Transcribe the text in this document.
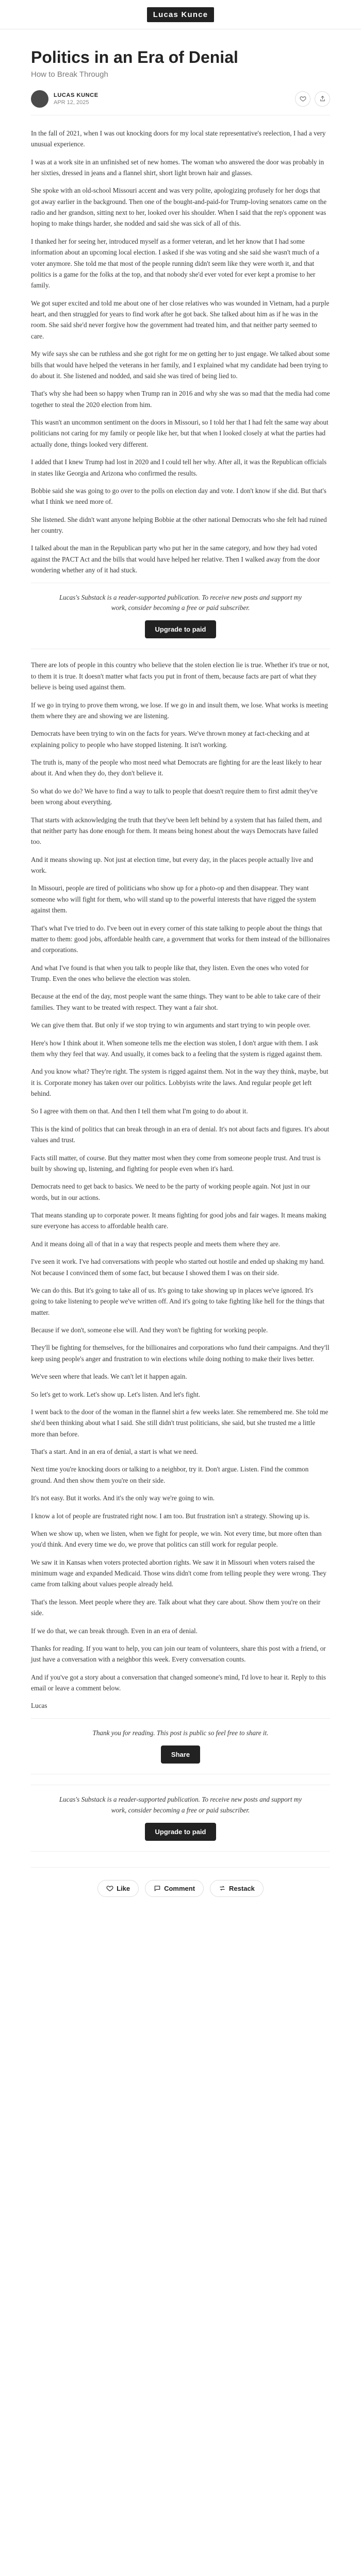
Lucas Kunce
Politics in an Era of Denial
How to Break Through
LUCAS KUNCE
APR 12, 2025

In the fall of 2021, when I was out knocking doors for my local state representative's reelection, I had a very unusual experience.

I was at a work site in an unfinished set of new homes. The woman who answered the door was probably in her sixties, dressed in jeans and a flannel shirt, short light brown hair and glasses.

She spoke with an old-school Missouri accent and was very polite, apologizing profusely for her dogs that got away earlier in the background. Then one of the bought-and-paid-for Trump-loving senators came on the radio and her grandson, sitting next to her, looked over his shoulder. When I said that the rep's opponent was hoping to make things harder, she nodded and said she was sick of all of this.

I thanked her for seeing her, introduced myself as a former veteran, and let her know that I had some information about an upcoming local election. I asked if she was voting and she said she wasn't much of a voter anymore. She told me that most of the people running didn't seem like they were worth it, and that politics is a game for the folks at the top, and that nobody she'd ever voted for ever kept a promise to her family.

We got super excited and told me about one of her close relatives who was wounded in Vietnam, had a purple heart, and then struggled for years to find work after he got back. She talked about him as if he was in the room. She said she'd never forgive how the government had treated him, and that neither party seemed to care.

My wife says she can be ruthless and she got right for me on getting her to just engage. We talked about some bills that would have helped the veterans in her family, and I explained what my candidate had been trying to do about it. She listened and nodded, and said she was tired of being lied to.

That's why she had been so happy when Trump ran in 2016 and why she was so mad that the media had come together to steal the 2020 election from him.

This wasn't an uncommon sentiment on the doors in Missouri, so I told her that I had felt the same way about politicians not caring for my family or people like her, but that when I looked closely at what the parties had actually done, things looked very different.

I added that I knew Trump had lost in 2020 and I could tell her why. After all, it was the Republican officials in states like Georgia and Arizona who confirmed the results.

Bobbie said she was going to go over to the polls on election day and vote. I don't know if she did. But that's what I think we need more of.

She listened. She didn't want anyone helping Bobbie at the other national Democrats who she felt had ruined her country.

I talked about the man in the Republican party who put her in the same category, and how they had voted against the PACT Act and the bills that would have helped her relative. Then I walked away from the door wondering whether any of it had stuck.

Lucas's Substack is a reader-supported publication. To receive new posts and support my work, consider becoming a free or paid subscriber.

Upgrade to paid

There are lots of people in this country who believe that the stolen election lie is true. Whether it's true or not, to them it is true. It doesn't matter what facts you put in front of them, because facts are part of what they believe is being used against them.

If we go in trying to prove them wrong, we lose. If we go in and insult them, we lose. What works is meeting them where they are and showing we are listening.

Democrats have been trying to win on the facts for years. We've thrown money at fact-checking and at explaining policy to people who have stopped listening. It isn't working.

The truth is, many of the people who most need what Democrats are fighting for are the least likely to hear about it. And when they do, they don't believe it.

So what do we do? We have to find a way to talk to people that doesn't require them to first admit they've been wrong about everything.

That starts with acknowledging the truth that they've been left behind by a system that has failed them, and that neither party has done enough for them. It means being honest about the ways Democrats have failed too.

And it means showing up. Not just at election time, but every day, in the places people actually live and work.

In Missouri, people are tired of politicians who show up for a photo-op and then disappear. They want someone who will fight for them, who will stand up to the powerful interests that have rigged the system against them.

That's what I've tried to do. I've been out in every corner of this state talking to people about the things that matter to them: good jobs, affordable health care, a government that works for them instead of the billionaires and corporations.

And what I've found is that when you talk to people like that, they listen. Even the ones who voted for Trump. Even the ones who believe the election was stolen.

Because at the end of the day, most people want the same things. They want to be able to take care of their families. They want to be treated with respect. They want a fair shot.

We can give them that. But only if we stop trying to win arguments and start trying to win people over.

Here's how I think about it. When someone tells me the election was stolen, I don't argue with them. I ask them why they feel that way. And usually, it comes back to a feeling that the system is rigged against them.

And you know what? They're right. The system is rigged against them. Not in the way they think, maybe, but it is. Corporate money has taken over our politics. Lobbyists write the laws. And regular people get left behind.

So I agree with them on that. And then I tell them what I'm going to do about it.

This is the kind of politics that can break through in an era of denial. It's not about facts and figures. It's about values and trust.

Facts still matter, of course. But they matter most when they come from someone people trust. And trust is built by showing up, listening, and fighting for people even when it's hard.

Democrats need to get back to basics. We need to be the party of working people again. Not just in our words, but in our actions.

That means standing up to corporate power. It means fighting for good jobs and fair wages. It means making sure everyone has access to affordable health care.

And it means doing all of that in a way that respects people and meets them where they are.

I've seen it work. I've had conversations with people who started out hostile and ended up shaking my hand. Not because I convinced them of some fact, but because I showed them I was on their side.

We can do this. But it's going to take all of us. It's going to take showing up in places we've ignored. It's going to take listening to people we've written off. And it's going to take fighting like hell for the things that matter.

Because if we don't, someone else will. And they won't be fighting for working people.

They'll be fighting for themselves, for the billionaires and corporations who fund their campaigns. And they'll keep using people's anger and frustration to win elections while doing nothing to make their lives better.

We've seen where that leads. We can't let it happen again.

So let's get to work. Let's show up. Let's listen. And let's fight.

I went back to the door of the woman in the flannel shirt a few weeks later. She remembered me. She told me she'd been thinking about what I said. She still didn't trust politicians, she said, but she trusted me a little more than before.

That's a start. And in an era of denial, a start is what we need.

Next time you're knocking doors or talking to a neighbor, try it. Don't argue. Listen. Find the common ground. And then show them you're on their side.

It's not easy. But it works. And it's the only way we're going to win.

I know a lot of people are frustrated right now. I am too. But frustration isn't a strategy. Showing up is.

When we show up, when we listen, when we fight for people, we win. Not every time, but more often than you'd think. And every time we do, we prove that politics can still work for regular people.

We saw it in Kansas when voters protected abortion rights. We saw it in Missouri when voters raised the minimum wage and expanded Medicaid. Those wins didn't come from telling people they were wrong. They came from talking about values people already held.

That's the lesson. Meet people where they are. Talk about what they care about. Show them you're on their side.

If we do that, we can break through. Even in an era of denial.

Thanks for reading. If you want to help, you can join our team of volunteers, share this post with a friend, or just have a conversation with a neighbor this week. Every conversation counts.

And if you've got a story about a conversation that changed someone's mind, I'd love to hear it. Reply to this email or leave a comment below.

Lucas

Thank you for reading. This post is public so feel free to share it.

Share

Lucas's Substack is a reader-supported publication. To receive new posts and support my work, consider becoming a free or paid subscriber.

Upgrade to paid
Like	Comment	Restack
